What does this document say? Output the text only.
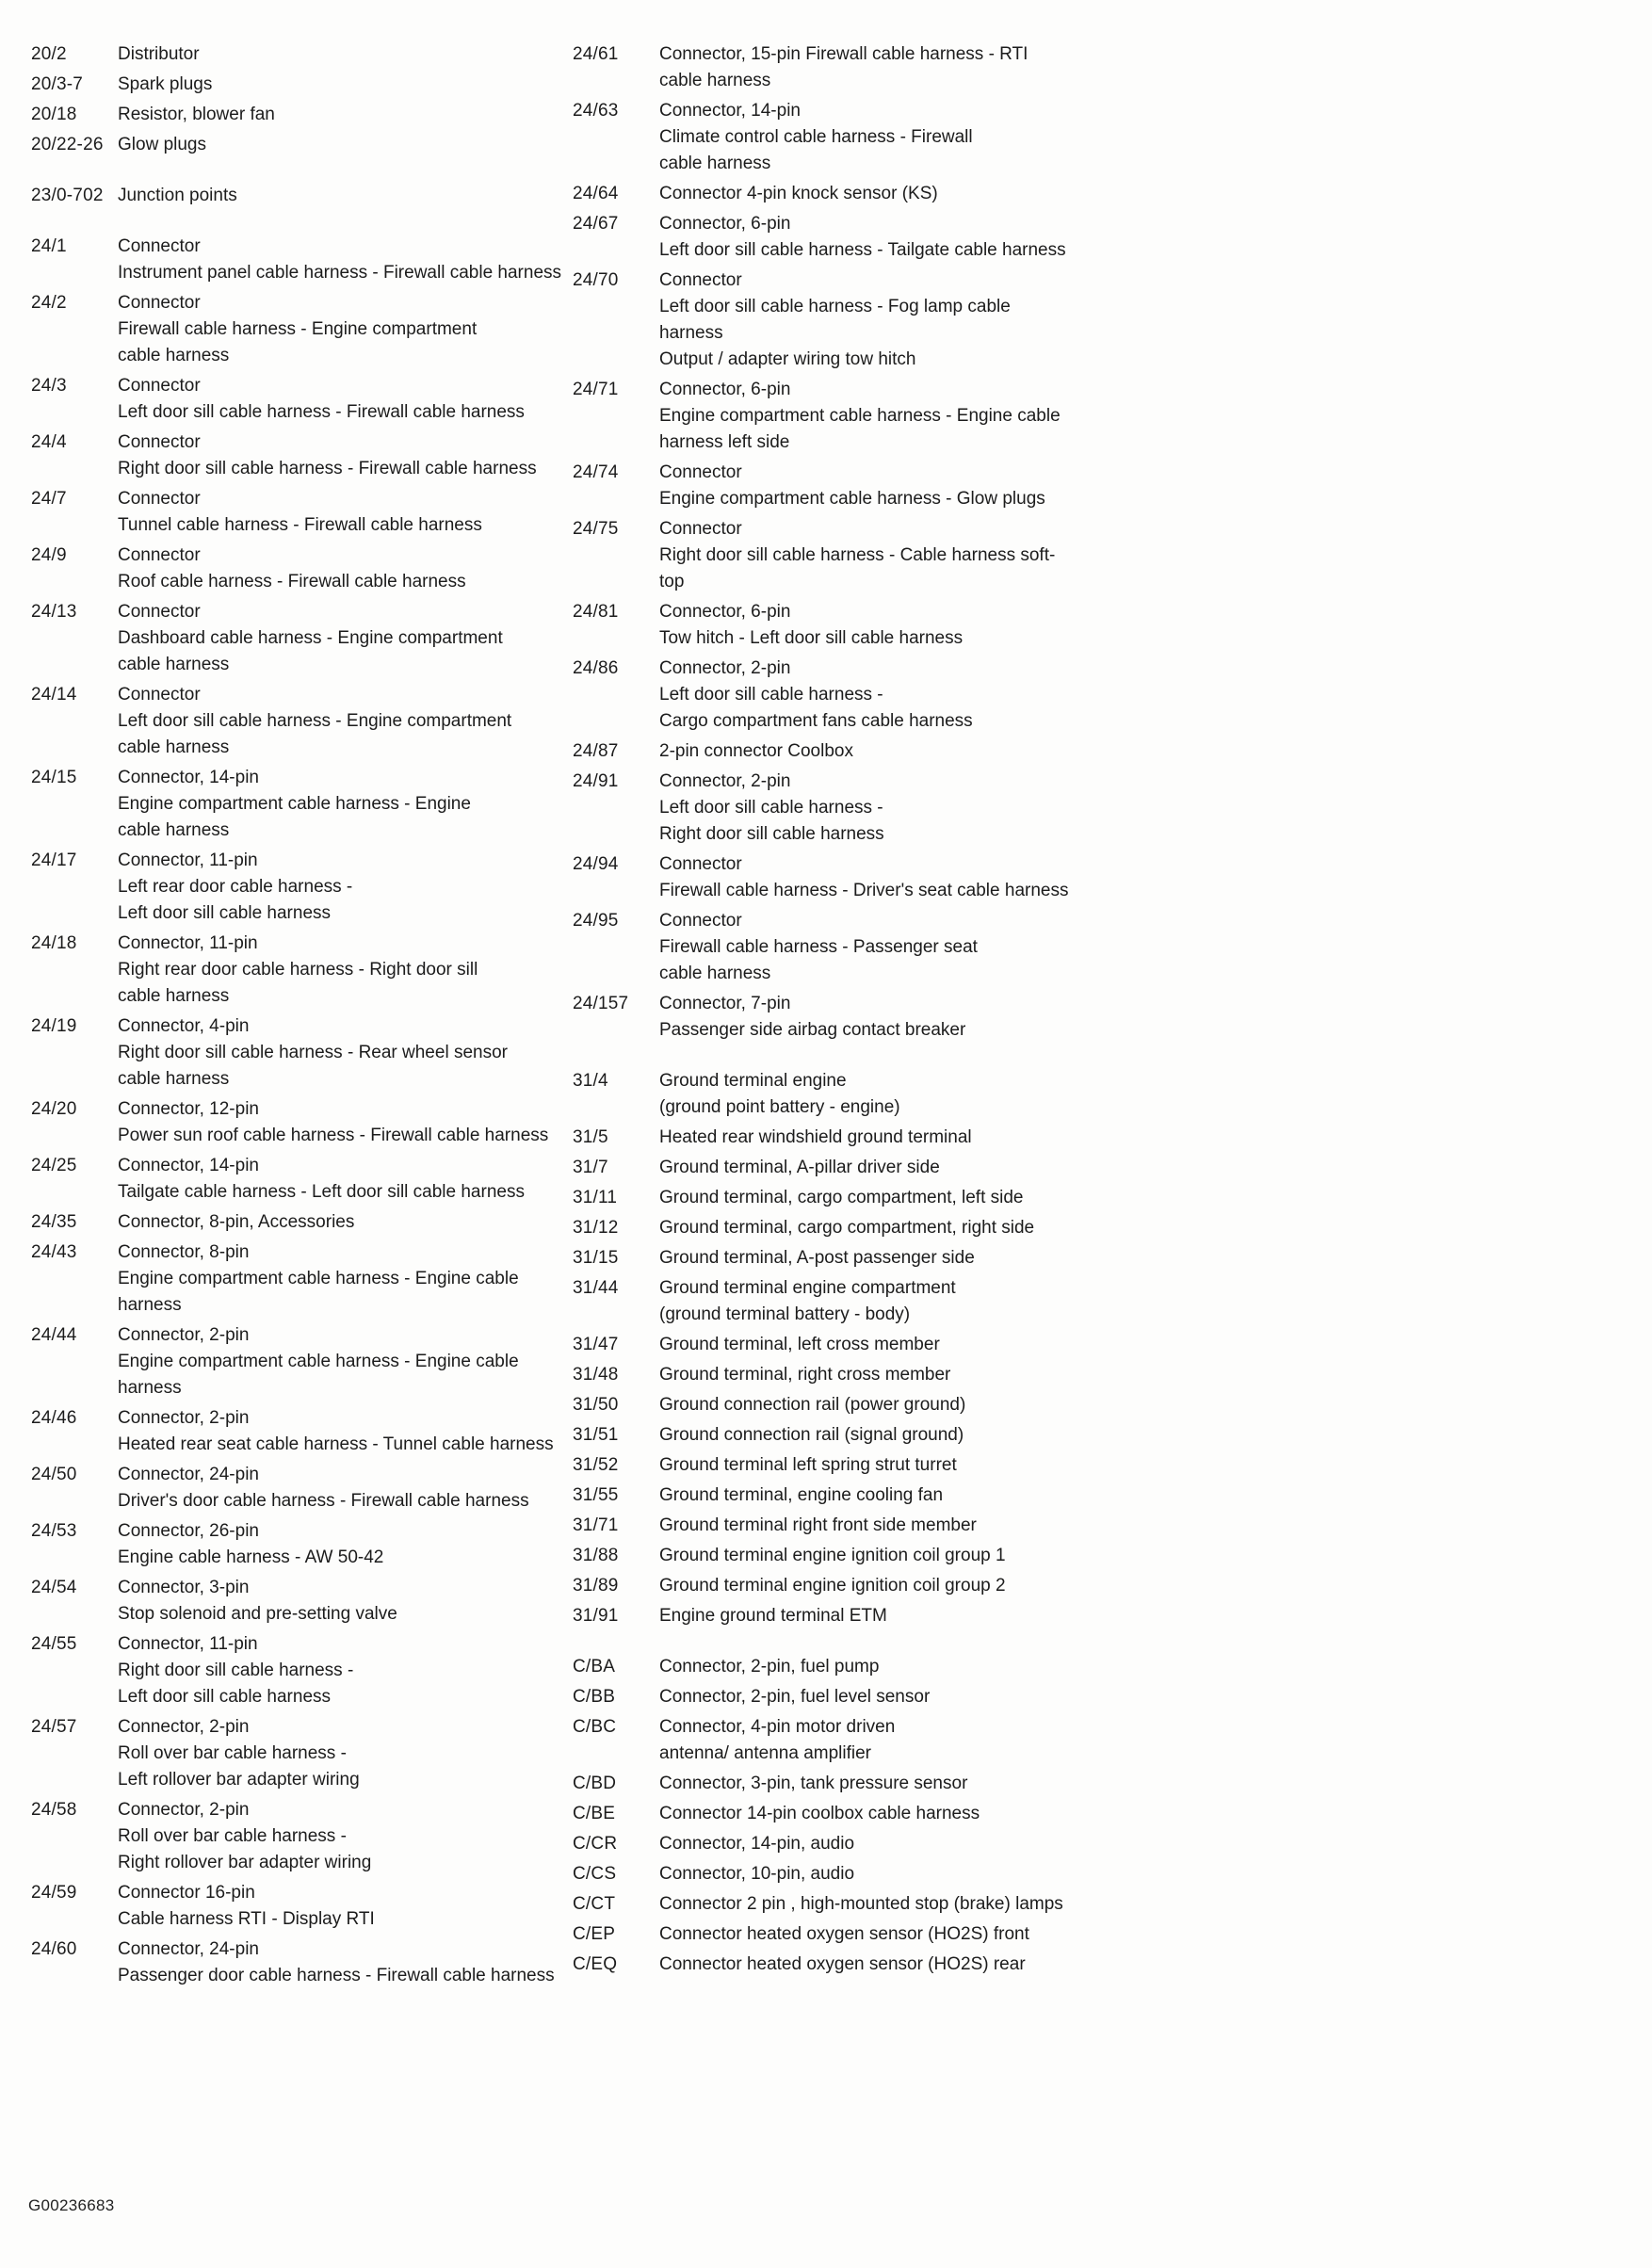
20/2	Distributor
20/3-7	Spark plugs
20/18	Resistor, blower fan
20/22-26 Glow plugs
23/0-702 Junction points
24/1	Connector
Instrument panel cable harness - Firewall cable harness
24/2	Connector
Firewall cable harness - Engine compartment
cable harness
24/3	Connector
Left door sill cable harness - Firewall cable harness
24/4	Connector
Right door sill cable harness - Firewall cable harness
24/7	Connector
Tunnel cable harness - Firewall cable harness
24/9	Connector
Roof cable harness - Firewall cable harness
24/13	Connector
Dashboard cable harness - Engine compartment
cable harness
24/14	Connector
Left door sill cable harness - Engine compartment
cable harness
24/15	Connector, 14-pin
Engine compartment cable harness - Engine
cable harness
24/17	Connector, 11-pin
Left rear door cable harness -
Left door sill cable harness
24/18	Connector, 11-pin
Right rear door cable harness - Right door sill
cable harness
24/19	Connector, 4-pin
Right door sill cable harness - Rear wheel sensor
cable harness
24/20	Connector, 12-pin
Power sun roof cable harness - Firewall cable harness
24/25	Connector, 14-pin
Tailgate cable harness - Left door sill cable harness
24/35	Connector, 8-pin, Accessories
24/43	Connector, 8-pin
Engine compartment cable harness - Engine cable
harness
24/44	Connector, 2-pin
Engine compartment cable harness - Engine cable
harness
24/46	Connector, 2-pin
Heated rear seat cable harness - Tunnel cable harness
24/50	Connector, 24-pin
Driver's door cable harness - Firewall cable harness
24/53	Connector, 26-pin
Engine cable harness - AW 50-42
24/54	Connector, 3-pin
Stop solenoid and pre-setting valve
24/55	Connector, 11-pin
Right door sill cable harness -
Left door sill cable harness
24/57	Connector, 2-pin
Roll over bar cable harness -
Left rollover bar adapter wiring
24/58	Connector, 2-pin
Roll over bar cable harness -
Right rollover bar adapter wiring
24/59	Connector 16-pin
Cable harness RTI - Display RTI
24/60	Connector, 24-pin
Passenger door cable harness - Firewall cable harness
24/61	Connector, 15-pin Firewall cable harness - RTI
cable harness
24/63	Connector, 14-pin
Climate control cable harness - Firewall
cable harness
24/64	Connector 4-pin knock sensor (KS)
24/67	Connector, 6-pin
Left door sill cable harness - Tailgate cable harness
24/70	Connector
Left door sill cable harness - Fog lamp cable harness
Output / adapter wiring tow hitch
24/71	Connector, 6-pin
Engine compartment cable harness - Engine cable
harness left side
24/74	Connector
Engine compartment cable harness - Glow plugs
24/75	Connector
Right door sill cable harness - Cable harness soft-top
24/81	Connector, 6-pin
Tow hitch - Left door sill cable harness
24/86	Connector, 2-pin
Left door sill cable harness -
Cargo compartment fans cable harness
24/87	2-pin connector Coolbox
24/91	Connector, 2-pin
Left door sill cable harness -
Right door sill cable harness
24/94	Connector
Firewall cable harness - Driver's seat cable harness
24/95	Connector
Firewall cable harness - Passenger seat
cable harness
24/157	Connector, 7-pin
Passenger side airbag contact breaker
31/4	Ground terminal engine
(ground point battery - engine)
31/5	Heated rear windshield ground terminal
31/7	Ground terminal, A-pillar driver side
31/11	Ground terminal, cargo compartment, left side
31/12	Ground terminal, cargo compartment, right side
31/15	Ground terminal, A-post passenger side
31/44	Ground terminal engine compartment
(ground terminal battery - body)
31/47	Ground terminal, left cross member
31/48	Ground terminal, right cross member
31/50	Ground connection rail (power ground)
31/51	Ground connection rail (signal ground)
31/52	Ground terminal left spring strut turret
31/55	Ground terminal, engine cooling fan
31/71	Ground terminal right front side member
31/88	Ground terminal engine ignition coil group 1
31/89	Ground terminal engine ignition coil group 2
31/91	Engine ground terminal ETM
C/BA	Connector, 2-pin, fuel pump
C/BB	Connector, 2-pin, fuel level sensor
C/BC	Connector, 4-pin motor driven
antenna/ antenna amplifier
C/BD	Connector, 3-pin, tank pressure sensor
C/BE	Connector 14-pin coolbox cable harness
C/CR	Connector, 14-pin, audio
C/CS	Connector, 10-pin, audio
C/CT	Connector 2 pin , high-mounted stop (brake) lamps
C/EP	Connector heated oxygen sensor (HO2S) front
C/EQ	Connector heated oxygen sensor (HO2S) rear
G00236683
